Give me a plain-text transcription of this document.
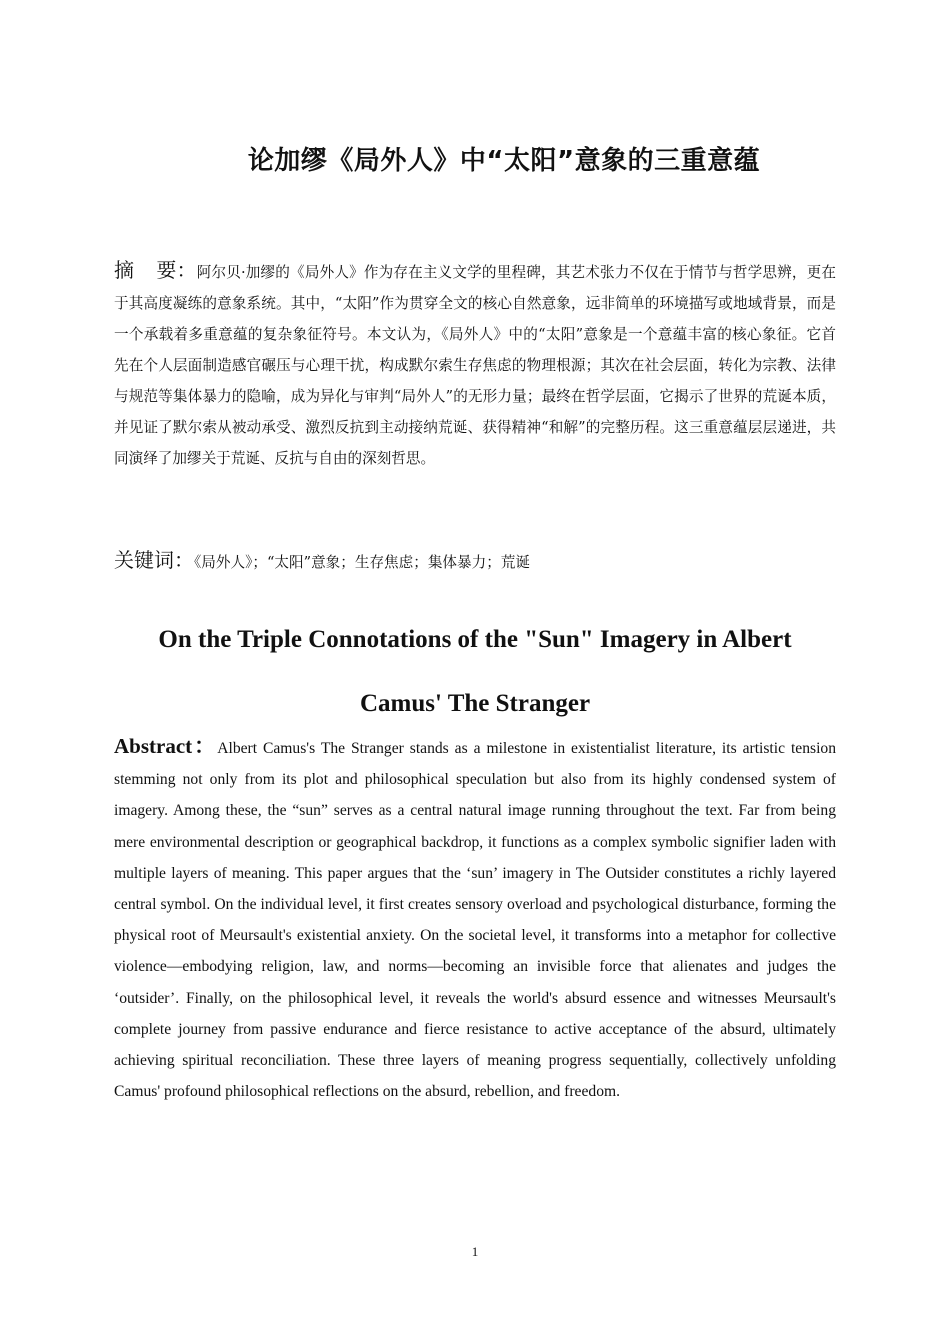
论加缪《局外人》中“太阳”意象的三重意蕴
摘 要：阿尔贝·加缪的《局外人》作为存在主义文学的里程碑，其艺术张力不仅在于情节与哲学思辨，更在于其高度凝练的意象系统。其中，“太阳”作为贯穿全文的核心自然意象，远非简单的环境描写或地域背景，而是一个承载着多重意蕴的复杂象征符号。本文认为，《局外人》中的“太阳”意象是一个意蕴丰富的核心象征。它首先在个人层面制造感官碾压与心理干扰，构成默尔索生存焦虑的物理根源；其次在社会层面，转化为宗教、法律与规范等集体暴力的隐喻，成为异化与审判“局外人”的无形力量；最终在哲学层面，它揭示了世界的荒诞本质，并见证了默尔索从被动承受、激烈反抗到主动接纳荒诞、获得精神“和解”的完整历程。这三重意蕴层层递进，共同演绎了加缪关于荒诞、反抗与自由的深刻哲思。
关键词：《局外人》；“太阳”意象；生存焦虑；集体暴力；荒诞
On the Triple Connotations of the "Sun" Imagery in Albert
Camus' The Stranger
Abstract：Albert Camus's The Stranger stands as a milestone in existentialist literature, its artistic tension stemming not only from its plot and philosophical speculation but also from its highly condensed system of imagery. Among these, the “sun” serves as a central natural image running throughout the text. Far from being mere environmental description or geographical backdrop, it functions as a complex symbolic signifier laden with multiple layers of meaning. This paper argues that the ‘sun’ imagery in The Outsider constitutes a richly layered central symbol. On the individual level, it first creates sensory overload and psychological disturbance, forming the physical root of Meursault's existential anxiety. On the societal level, it transforms into a metaphor for collective violence—embodying religion, law, and norms—becoming an invisible force that alienates and judges the ‘outsider’. Finally, on the philosophical level, it reveals the world's absurd essence and witnesses Meursault's complete journey from passive endurance and fierce resistance to active acceptance of the absurd, ultimately achieving spiritual reconciliation. These three layers of meaning progress sequentially, collectively unfolding Camus' profound philosophical reflections on the absurd, rebellion, and freedom.
1
